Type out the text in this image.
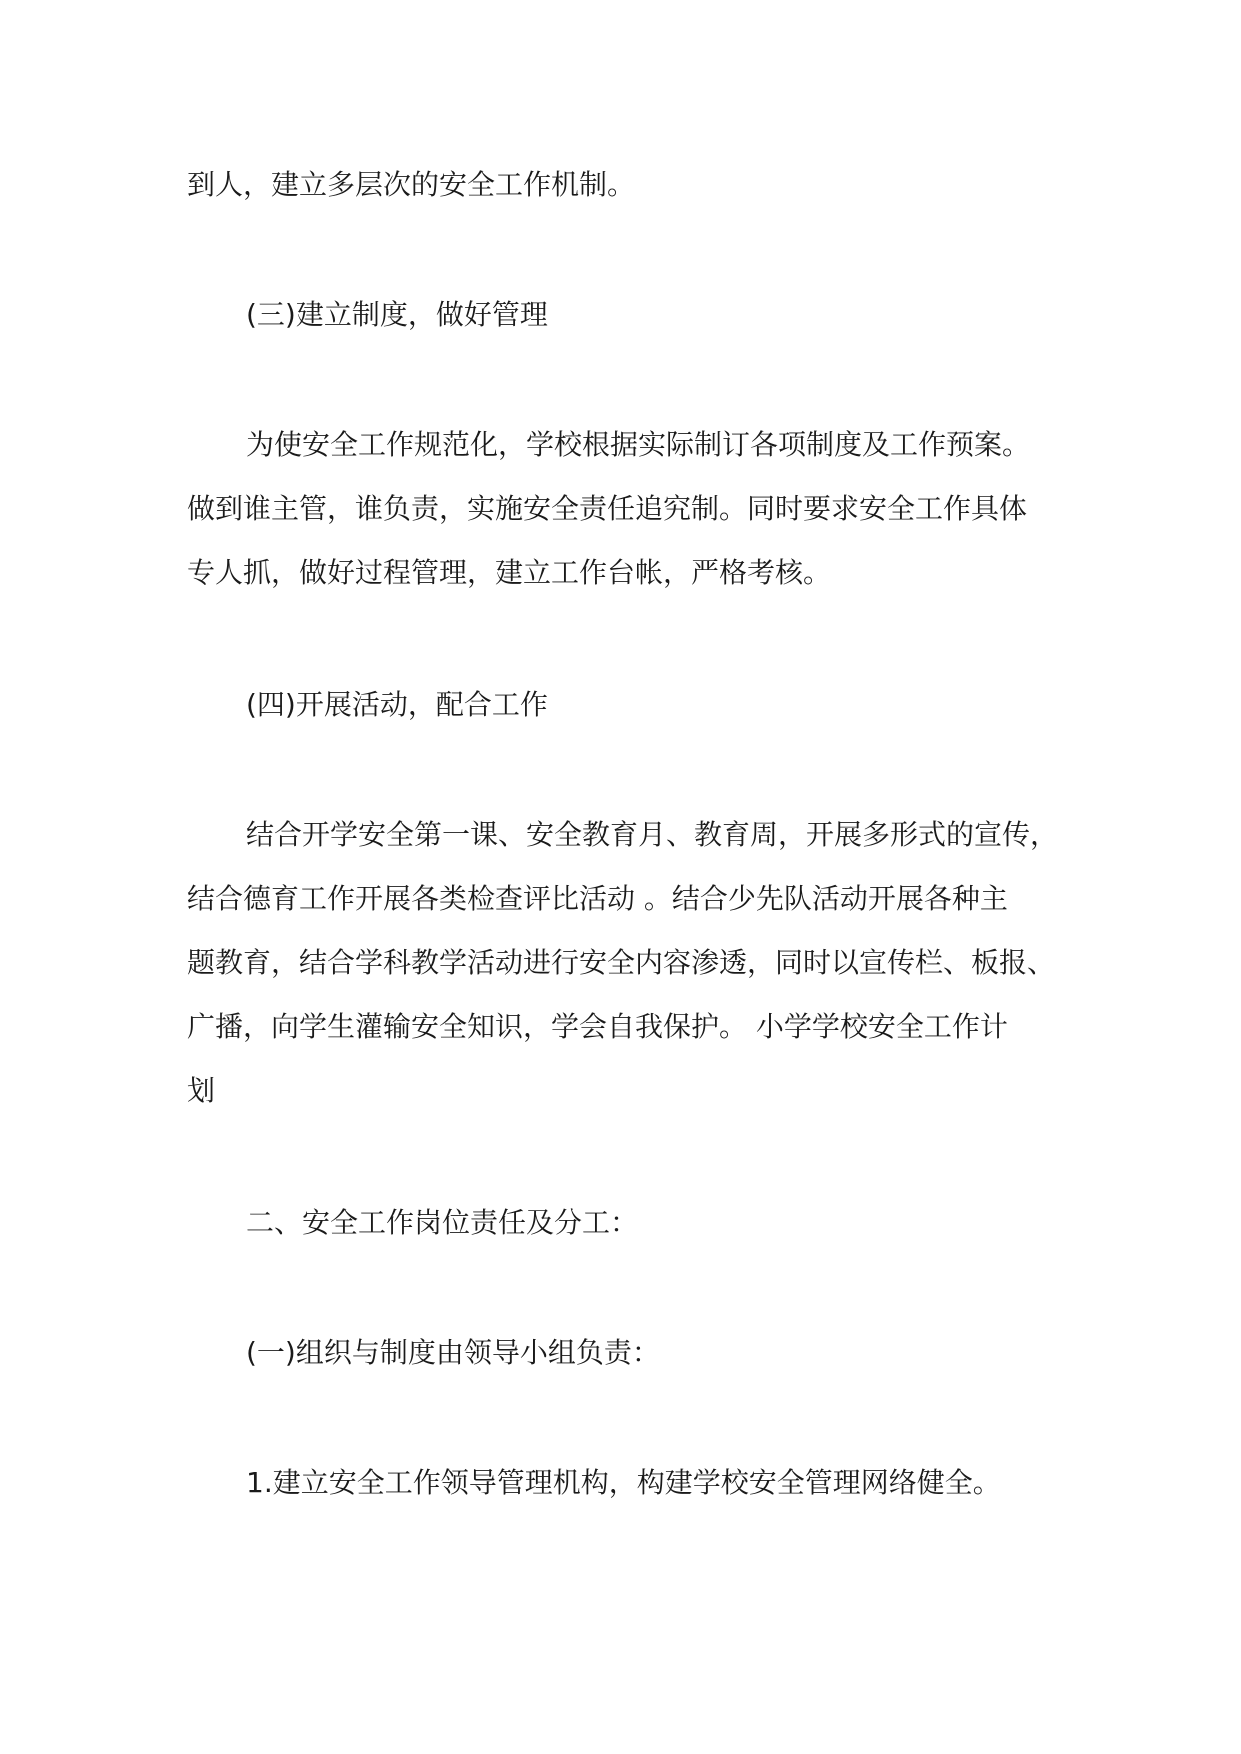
到人，建立多层次的安全工作机制。
(三)建立制度，做好管理
为使安全工作规范化，学校根据实际制订各项制度及工作预案。
做到谁主管，谁负责，实施安全责任追究制。同时要求安全工作具体
专人抓，做好过程管理，建立工作台帐，严格考核。
(四)开展活动，配合工作
结合开学安全第一课、安全教育月、教育周，开展多形式的宣传，
结合德育工作开展各类检查评比活动 。结合少先队活动开展各种主
题教育，结合学科教学活动进行安全内容渗透，同时以宣传栏、板报、
广播，向学生灌输安全知识，学会自我保护。 小学学校安全工作计
划
二、安全工作岗位责任及分工：
(一)组织与制度由领导小组负责：
1.建立安全工作领导管理机构，构建学校安全管理网络健全。
